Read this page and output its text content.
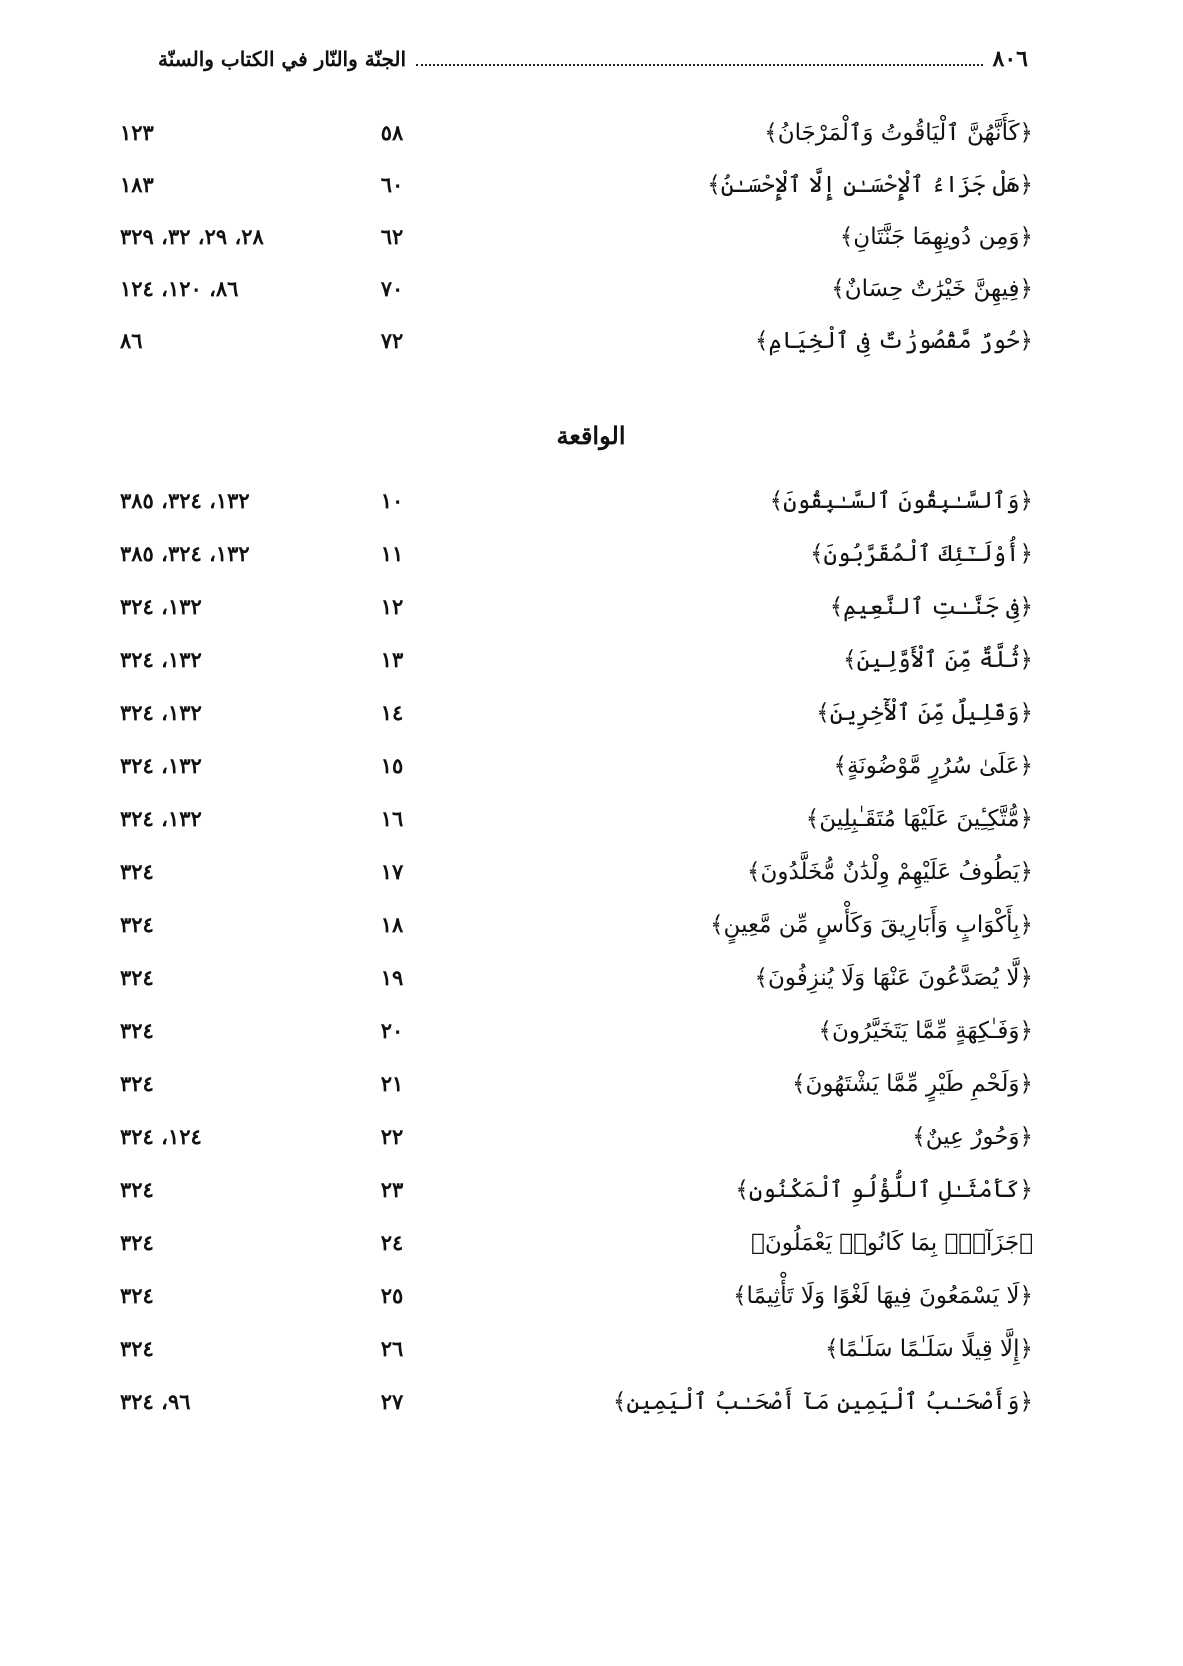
٨٠٦
الجنّة والنّار في الكتاب والسنّة
﴿كَأَنَّهُنَّ ٱلْيَاقُوتُ وَٱلْمَرْجَانُ﴾
٥٨
١٢٣
﴿هَلْ جَزَاءُ ٱلْإِحْسَـٰنِ إِلَّا ٱلْإِحْسَـٰنُ﴾
٦٠
١٨٣
﴿وَمِن دُونِهِمَا جَنَّتَانِ﴾
٦٢
٢٨، ٢٩، ٣٢، ٣٢٩
﴿فِيهِنَّ خَيْرَٰتٌ حِسَانٌ﴾
٧٠
٨٦، ١٢٠، ١٢٤
﴿حُورٌ مَّقْصُورَٰتٌ فِى ٱلْخِيَامِ﴾
٧٢
٨٦
الواقعة
﴿وَٱلسَّـٰبِقُونَ ٱلسَّـٰبِقُونَ﴾
١٠
١٣٢، ٣٢٤، ٣٨٥
﴿أُوْلَـٰٓئِكَ ٱلْمُقَرَّبُونَ﴾
١١
١٣٢، ٣٢٤، ٣٨٥
﴿فِى جَنَّـٰتِ ٱلنَّعِيمِ﴾
١٢
١٣٢، ٣٢٤
﴿ثُلَّةٌ مِّنَ ٱلْأَوَّلِينَ﴾
١٣
١٣٢، ٣٢٤
﴿وَقَلِيلٌ مِّنَ ٱلْأٓخِرِينَ﴾
١٤
١٣٢، ٣٢٤
﴿عَلَىٰ سُرُرٍ مَّوْضُونَةٍ﴾
١٥
١٣٢، ٣٢٤
﴿مُّتَّكِـِٔينَ عَلَيْهَا مُتَقَـٰبِلِينَ﴾
١٦
١٣٢، ٣٢٤
﴿يَطُوفُ عَلَيْهِمْ وِلْدَٰنٌ مُّخَلَّدُونَ﴾
١٧
٣٢٤
﴿بِأَكْوَابٍ وَأَبَارِيقَ وَكَأْسٍ مِّن مَّعِينٍ﴾
١٨
٣٢٤
﴿لَّا يُصَدَّعُونَ عَنْهَا وَلَا يُنزِفُونَ﴾
١٩
٣٢٤
﴿وَفَـٰكِهَةٍ مِّمَّا يَتَخَيَّرُونَ﴾
٢٠
٣٢٤
﴿وَلَحْمِ طَيْرٍ مِّمَّا يَشْتَهُونَ﴾
٢١
٣٢٤
﴿وَحُورٌ عِينٌ﴾
٢٢
١٢٤، ٣٢٤
﴿كَأَمْثَـٰلِ ٱللُّؤْلُوِ ٱلْمَكْنُونِ﴾
٢٣
٣٢٤
﴿جَزَآءًۢ بِمَا كَانُوا۟ يَعْمَلُونَ﴾
٢٤
٣٢٤
﴿لَا يَسْمَعُونَ فِيهَا لَغْوًا وَلَا تَأْثِيمًا﴾
٢٥
٣٢٤
﴿إِلَّا قِيلًا سَلَـٰمًا سَلَـٰمًا﴾
٢٦
٣٢٤
﴿وَأَصْحَـٰبُ ٱلْيَمِينِ مَآ أَصْحَـٰبُ ٱلْيَمِينِ﴾
٢٧
٩٦، ٣٢٤
